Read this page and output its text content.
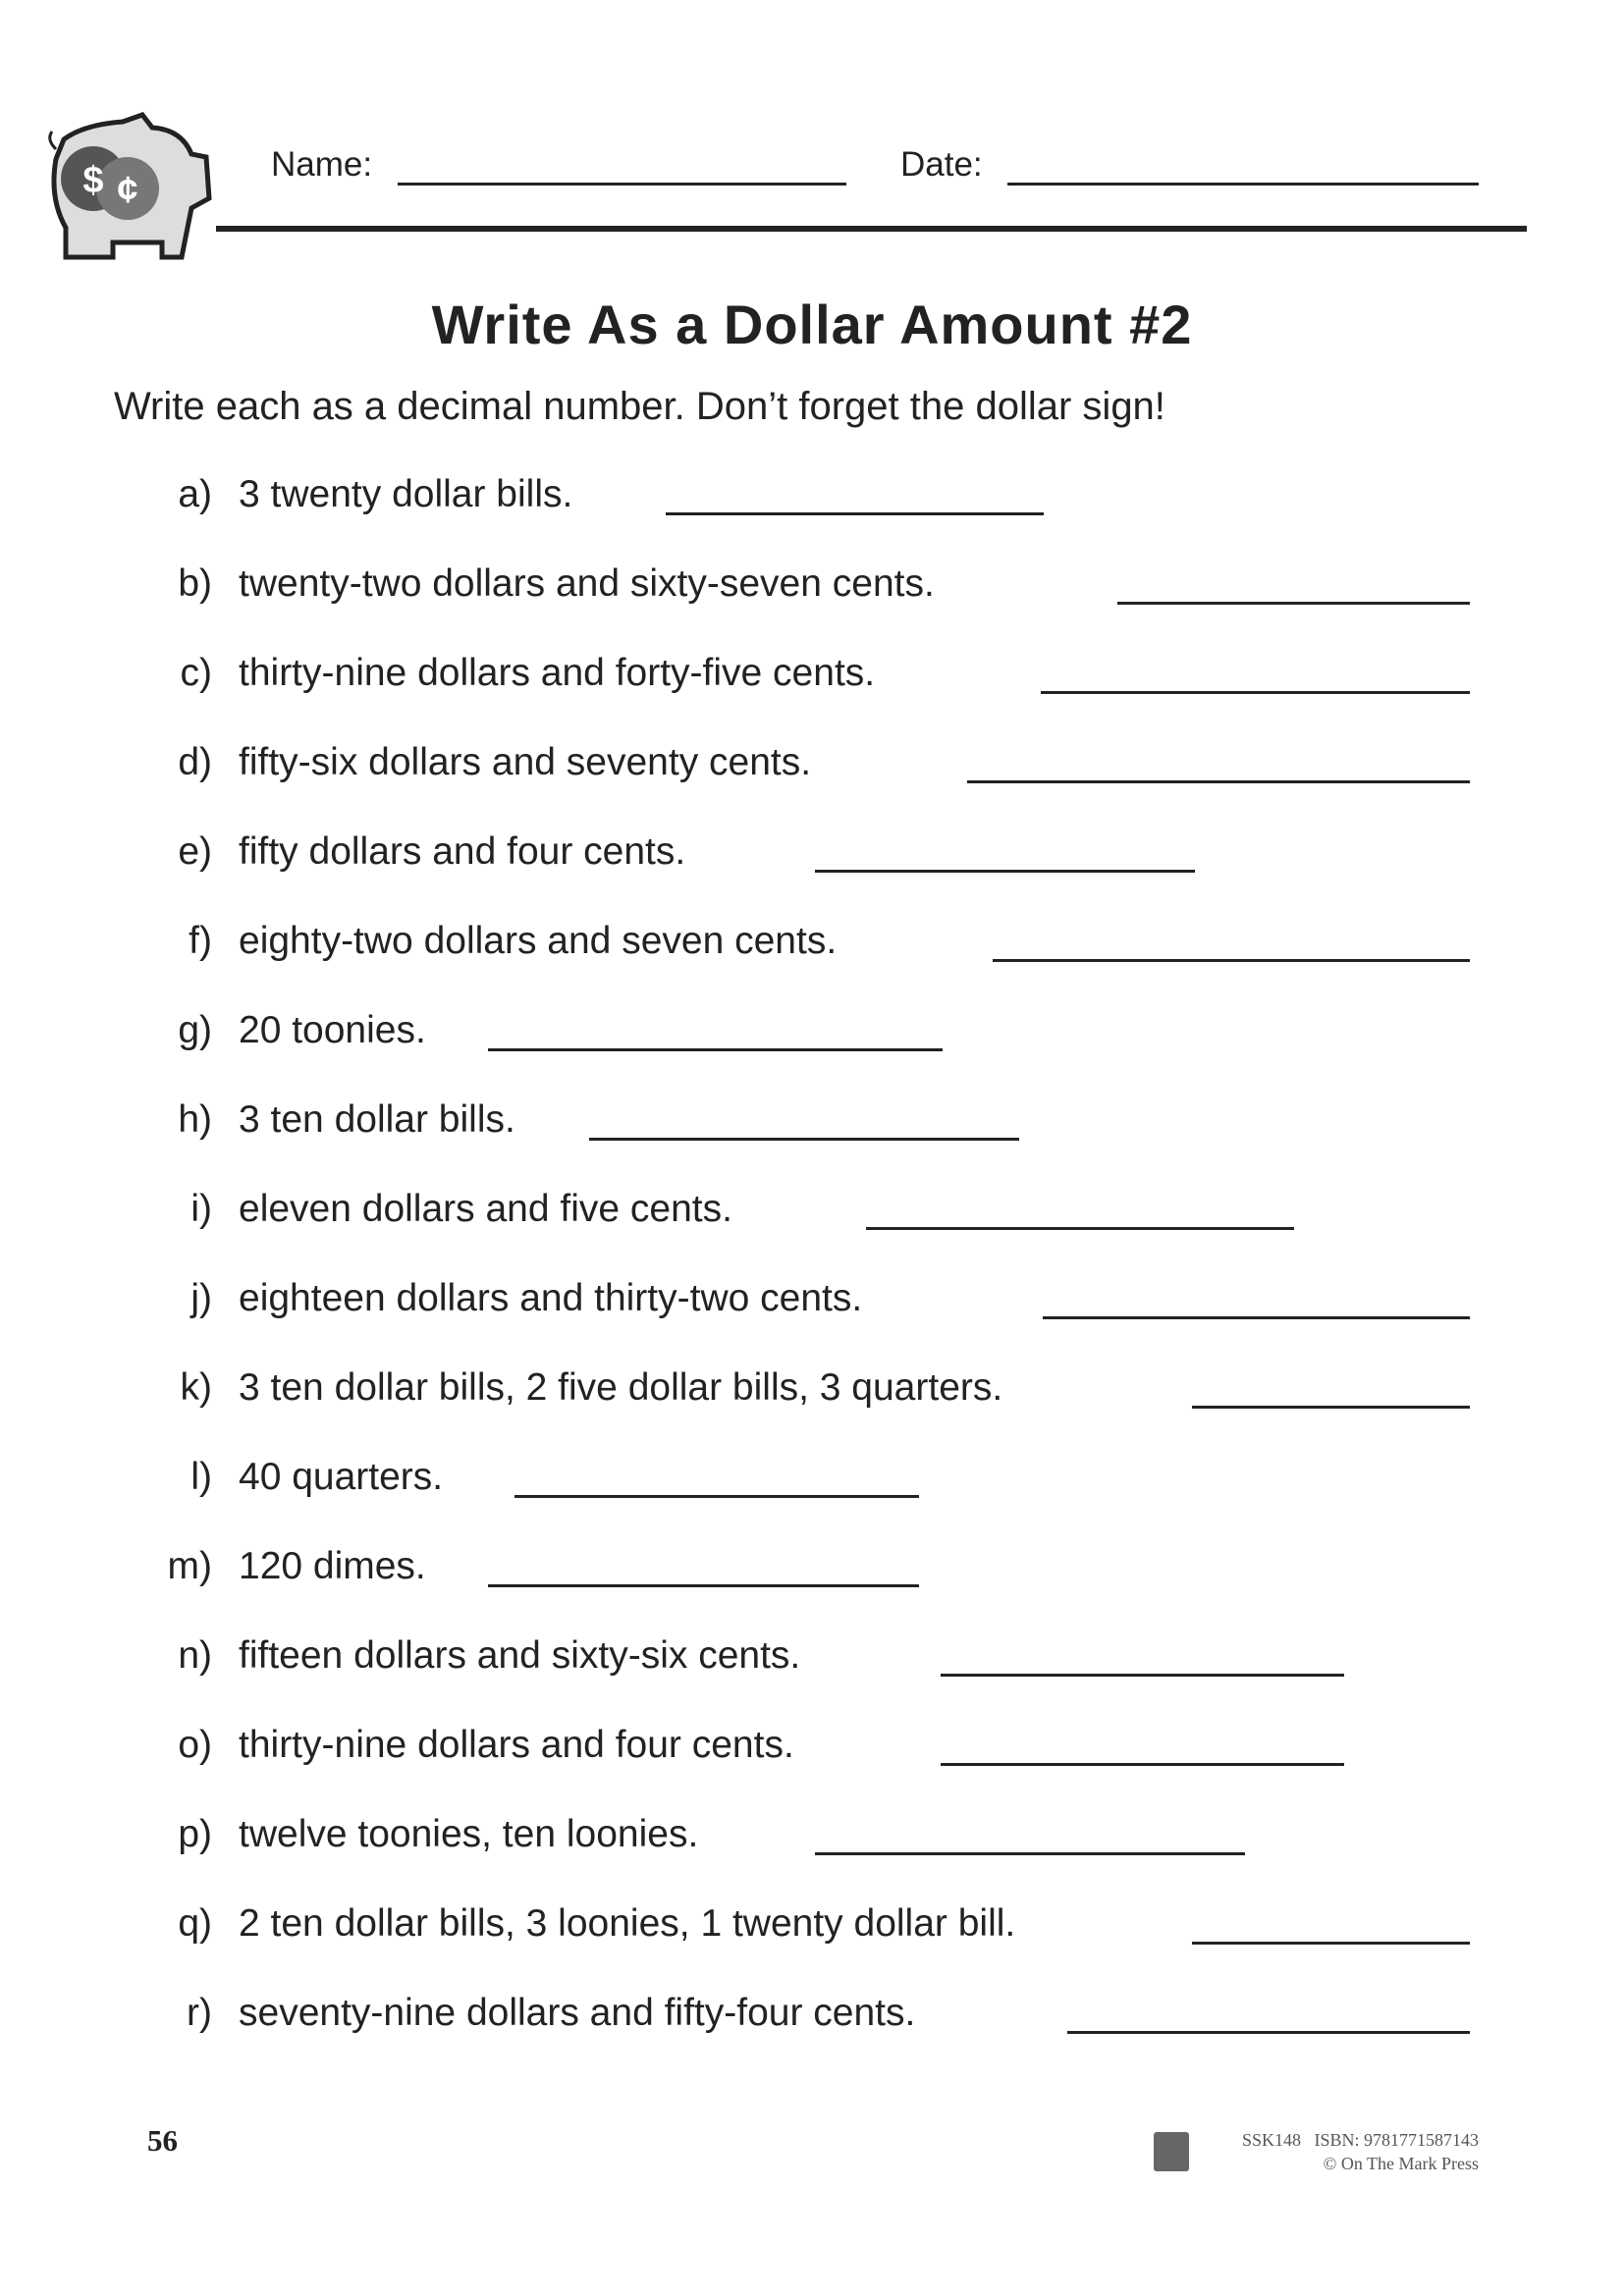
$ ¢
Name:	Date:
Write As a Dollar Amount #2
Write each as a decimal number. Don’t forget the dollar sign!
a) 3 twenty dollar bills.
b) twenty-two dollars and sixty-seven cents.
c) thirty-nine dollars and forty-five cents.
d) fifty-six dollars and seventy cents.
e) fifty dollars and four cents.
f) eighty-two dollars and seven cents.
g) 20 toonies.
h) 3 ten dollar bills.
i) eleven dollars and five cents.
j) eighteen dollars and thirty-two cents.
k) 3 ten dollar bills, 2 five dollar bills, 3 quarters.
l) 40 quarters.
m) 120 dimes.
n) fifteen dollars and sixty-six cents.
o) thirty-nine dollars and four cents.
p) twelve toonies, ten loonies.
q) 2 ten dollar bills, 3 loonies, 1 twenty dollar bill.
r) seventy-nine dollars and fifty-four cents.
56	SSK148 ISBN: 9781771587143
© On The Mark Press
